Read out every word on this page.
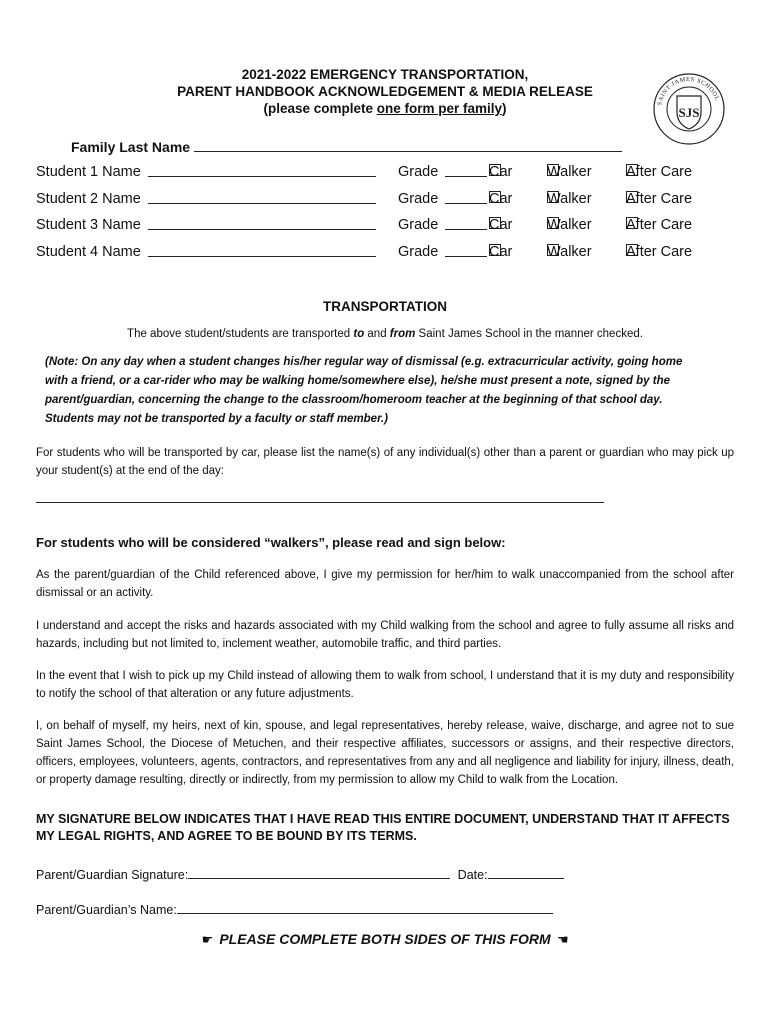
2021-2022 EMERGENCY TRANSPORTATION,
PARENT HANDBOOK ACKNOWLEDGEMENT & MEDIA RELEASE
(please complete one form per family)	SAINT JAMES SCHOOL
SJS
Family Last Name
Student 1 Name	Grade	Car Walker After Care
Student 2 Name	Grade	Car Walker After Care
Student 3 Name	Grade	Car Walker After Care
Student 4 Name	Grade	Car Walker After Care
TRANSPORTATION
The above student/students are transported to and from Saint James School in the manner checked.
(Note: On any day when a student changes his/her regular way of dismissal (e.g. extracurricular activity, going home with a friend, or a car-rider who may be walking home/somewhere else), he/she must present a note, signed by the parent/guardian, concerning the change to the classroom/homeroom teacher at the beginning of that school day. Students may not be transported by a faculty or staff member.)
For students who will be transported by car, please list the name(s) of any individual(s) other than a parent or guardian who may pick up your student(s) at the end of the day:
For students who will be considered “walkers”, please read and sign below:
As the parent/guardian of the Child referenced above, I give my permission for her/him to walk unaccompanied from the school after dismissal or an activity.
I understand and accept the risks and hazards associated with my Child walking from the school and agree to fully assume all risks and hazards, including but not limited to, inclement weather, automobile traffic, and third parties.
In the event that I wish to pick up my Child instead of allowing them to walk from school, I understand that it is my duty and responsibility to notify the school of that alteration or any future adjustments.
I, on behalf of myself, my heirs, next of kin, spouse, and legal representatives, hereby release, waive, discharge, and agree not to sue Saint James School, the Diocese of Metuchen, and their respective affiliates, successors or assigns, and their respective directors, officers, employees, volunteers, agents, contractors, and representatives from any and all negligence and liability for injury, illness, death, or property damage resulting, directly or indirectly, from my permission to allow my Child to walk from the Location.
MY SIGNATURE BELOW INDICATES THAT I HAVE READ THIS ENTIRE DOCUMENT, UNDERSTAND THAT IT AFFECTS MY LEGAL RIGHTS, AND AGREE TO BE BOUND BY ITS TERMS.
Parent/Guardian Signature:	Date:
Parent/Guardian’s Name:
☛ PLEASE COMPLETE BOTH SIDES OF THIS FORM ☛
